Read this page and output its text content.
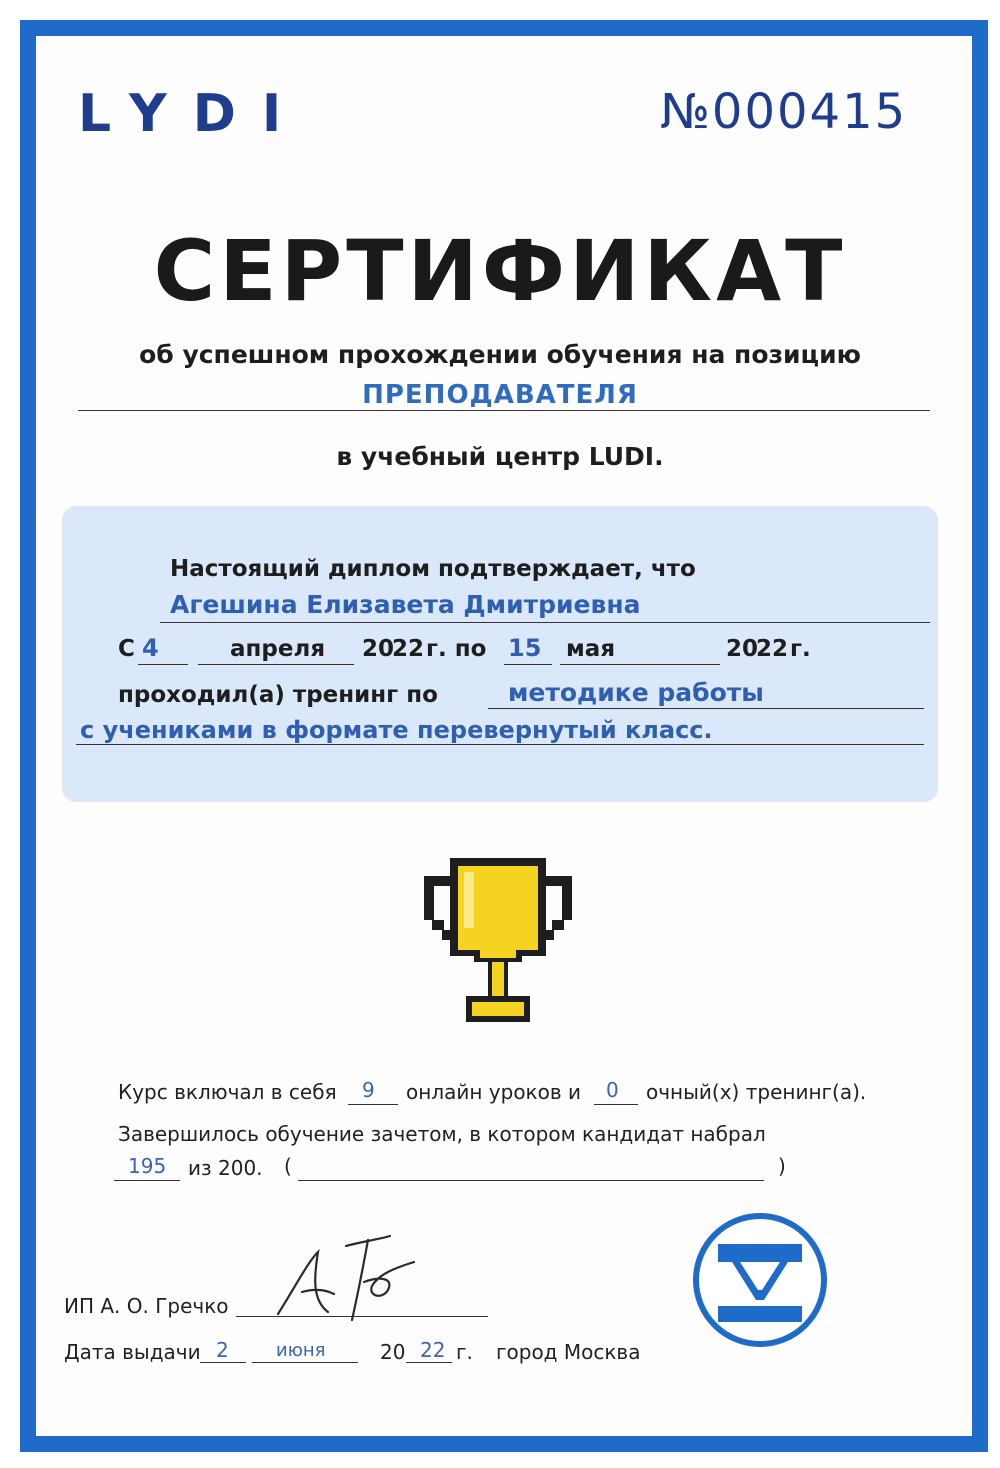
LYDI	№000415
СЕРТИФИКАТ
об успешном прохождении обучения на позицию
ПРЕПОДАВАТЕЛЯ
в учебный центр LUDI.
Настоящий диплом подтверждает, что
Агешина Елизавета Дмитриевна
С 4	апреля 20
22 г. по 15 мая	20
22 г.
проходил(а) тренинг по	методике работы
с учениками в формате перевернутый класс.
Курс включал в себя 9 онлайн уроков и 0 очный(х) тренинг(а).
Завершилось обучение зачетом, в котором кандидат набрал
195 из 200. (	)
ИП А. О. Гречко
Дата выдачи 2	июня	20 22 г. город Москва
